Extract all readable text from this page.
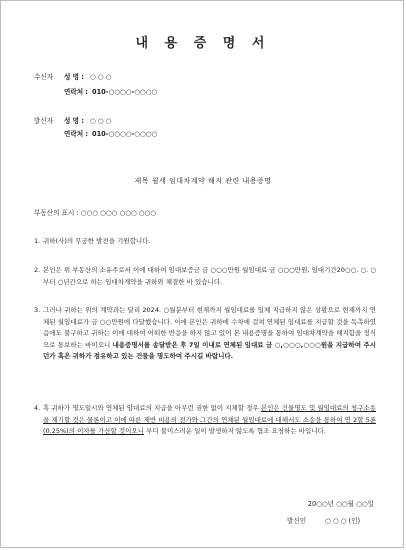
내 용 증 명 서
수신자 성 명 : ○ ○ ○
연락처 : 010-○○○○-○○○○
발신자 성 명 : ○ ○ ○
연락처 : 010-○○○○-○○○○
제목 월세 임대차계약 해지 관련 내용증명
부동산의 표시 : ○○○ ○○○ ○○○ ○○○
1. 귀하(사)의 무궁한 발전을 기원합니다.
2. 본인은 위 부동산의 소유주로서 이에 대하여 임대보증금 금 ○○○만원 월임대료 금 ○○○만원, 임대기간20○○. ○. ○부터 ○년간으로 하는 임대차계약을 귀하와 체결한 바 있습니다.
3. 그러나 귀하는 위의 계약과는 달리 2024. ○월분부터 현재까지 월임대료를 일체 지급하지 않은 상황으로 현재까지 연체된 월임대료가 금 ○○만원에 다달했습니다. 이에 본인은 귀하에 수차에 걸쳐 연체된 임대료를 지급할 것을 독촉하였음에도 불구하고 귀하는 이에 대하여 어떠한 반응을 하지 않고 있어 본 내용증명을 통하여 임대차계약을 해지함을 정식으로 통보하는 바이오니 내용증명서를 송달받은 후 7일 이내로 연체된 임대료 금 ○,○○○,○○○원을 지급하여 주시던가 혹은 귀하가 점유하고 있는 건물을 명도하여 주시길 바랍니다.
4. 혹 귀하가 명도일시와 연체된 임대료의 지급을 아무런 권한 없이 지체할 경우 본인은 건물명도 및 월임대료의 청구소송을 제기할 것은 물론이고 이에 따른 제반 비용의 전가와 그간의 연체된 월임대료에 대해서도 소송을 통하여 연 2할 5푼(0.25%)의 이자를 가산할 것이오니 부디 불미스러운 일이 발생하지 않도록 협조 요청하는 바입니다.
20○○년 ○○월 ○○일
발신인	○ ○ ○ (인)
